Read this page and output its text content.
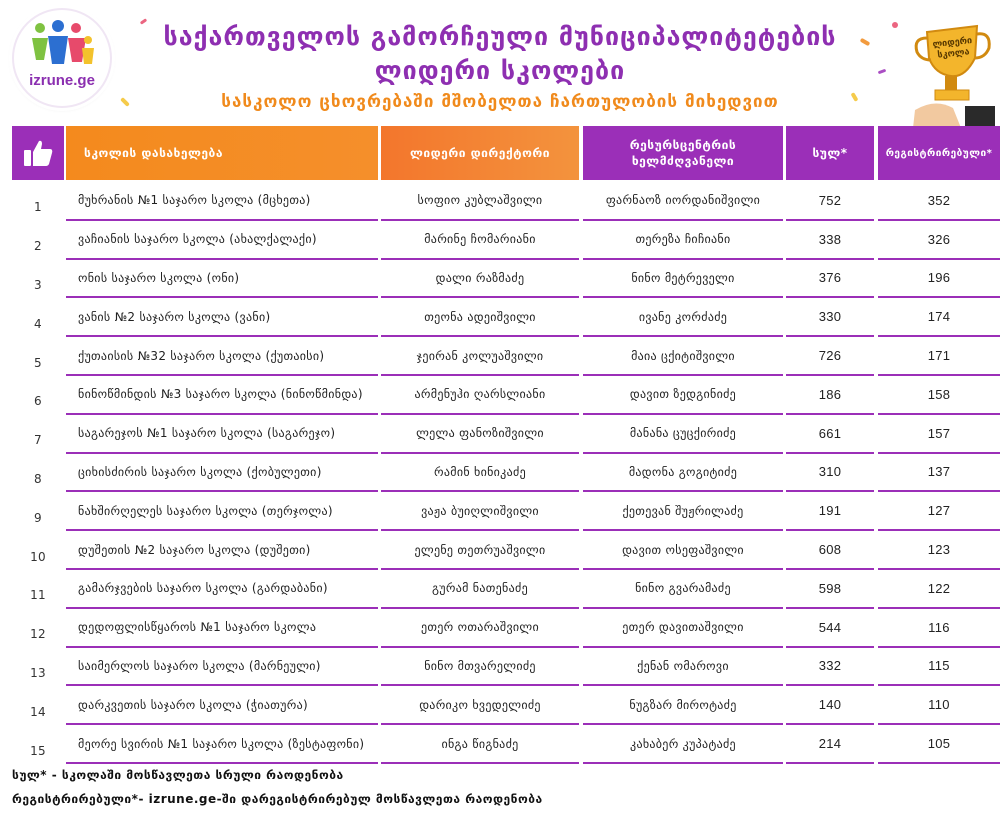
izrune.ge
საქართველოს გამორჩეული მუნიციპალიტეტების
ლიდერი სკოლები
სასკოლო ცხოვრებაში მშობელთა ჩართულობის მიხედვით
ლიდერი სკოლა
სკოლის დასახელება	ლიდერი დირექტორი
რესურსცენტრის
ხელმძღვანელი
სულ*	რეგისტრირებული*
1	მუხრანის №1 საჯარო სკოლა (მცხეთა)	სოფიო კუბლაშვილი	ფარნაოზ იორდანიშვილი	752	352
2	ვაჩიანის საჯარო სკოლა (ახალქალაქი)	მარინე ჩომარიანი	თერეზა ჩიჩიანი	338	326
3	ონის საჯარო სკოლა (ონი)	დალი რაზმაძე	ნინო მეტრეველი	376	196
4	ვანის №2 საჯარო სკოლა (ვანი)	თეონა ადეიშვილი	ივანე კორძაძე	330	174
5	ქუთაისის №32 საჯარო სკოლა (ქუთაისი)	ჯეირან კოლუაშვილი	მაია ცქიტიშვილი	726	171
6	ნინოწმინდის №3 საჯარო სკოლა (ნინოწმინდა)	არმენუჰი ღარსლიანი	დავით ზედგინიძე	186	158
7	საგარეჯოს №1 საჯარო სკოლა (საგარეჯო)	ლელა ფანოზიშვილი	მანანა ცუცქირიძე	661	157
8	ციხისძირის საჯარო სკოლა (ქობულეთი)	რამინ ხინიკაძე	მადონა გოგიტიძე	310	137
9	ნახშირღელეს საჯარო სკოლა (თერჯოლა)	ვაჟა ბუიღლიშვილი	ქეთევან შუჟრილაძე	191	127
10	დუშეთის №2 საჯარო სკოლა (დუშეთი)	ელენე თეთრუაშვილი	დავით ოსეფაშვილი	608	123
11	გამარჯვების საჯარო სკოლა (გარდაბანი)	გურამ ნათენაძე	ნინო გვარამაძე	598	122
12	დედოფლისწყაროს №1 საჯარო სკოლა	ეთერ ოთარაშვილი	ეთერ დავითაშვილი	544	116
13	საიმერლოს საჯარო სკოლა (მარნეული)	ნინო მთვარელიძე	ქენან ომაროვი	332	115
14	დარკვეთის საჯარო სკოლა (ჭიათურა)	დარიკო ხვედელიძე	ნუგზარ მიროტაძე	140	110
15	მეორე სვირის №1 საჯარო სკოლა (ზესტაფონი)	ინგა წიგნაძე	კახაბერ კუპატაძე	214	105
სულ* - სკოლაში მოსწავლეთა სრული რაოდენობა
რეგისტრირებული*- izrune.ge-ში დარეგისტრირებულ მოსწავლეთა რაოდენობა
